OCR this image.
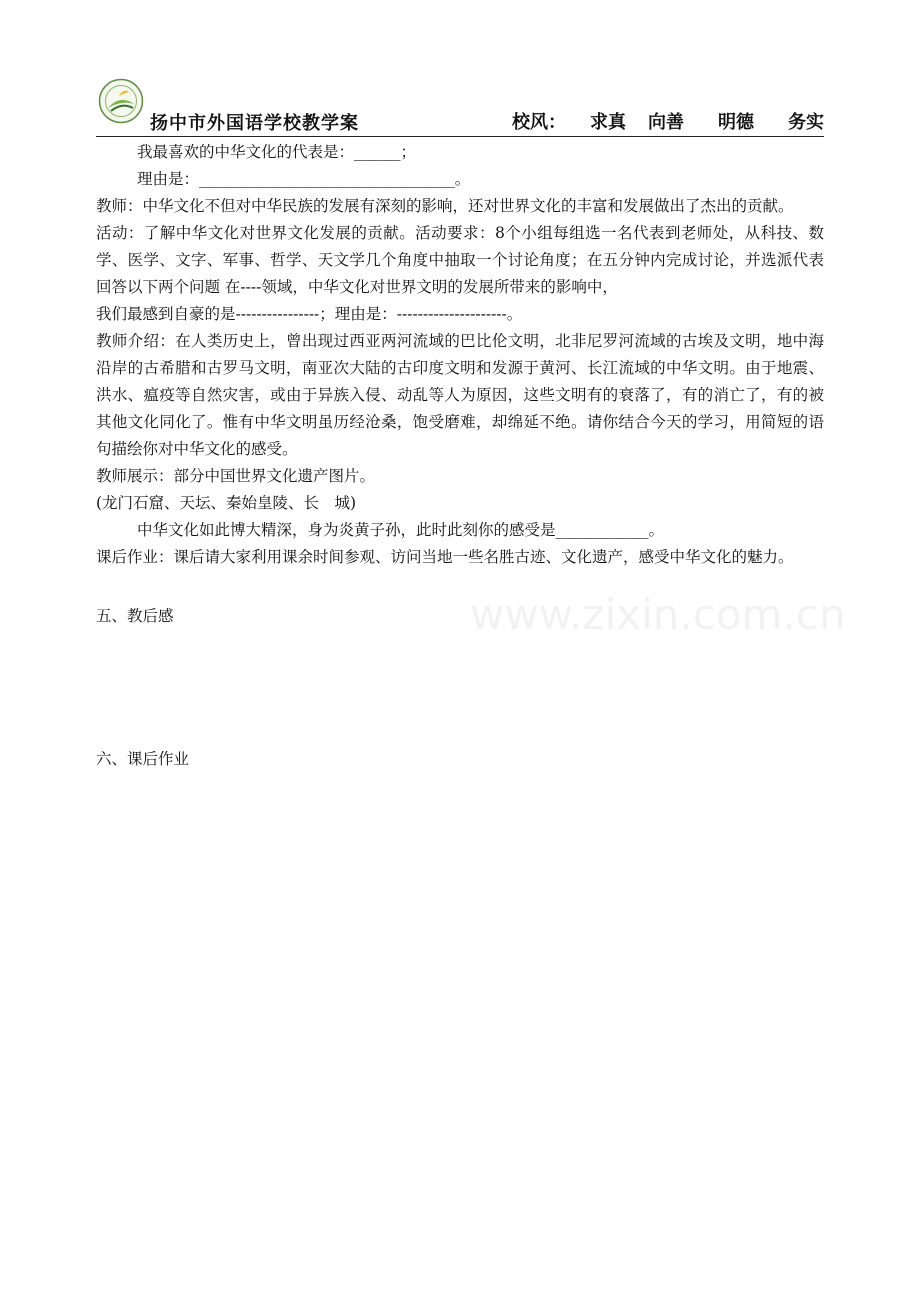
扬中市外国语学校教学案	校风： 求真 向善 明德 务实
www.zixin.com.cn

我最喜欢的中华文化的代表是：______；

理由是：_________________________________。

教师：中华文化不但对中华民族的发展有深刻的影响，还对世界文化的丰富和发展做出了杰出的贡献。

活动：了解中华文化对世界文化发展的贡献。活动要求：8个小组每组选一名代表到老师处，从科技、数学、医学、文字、军事、哲学、天文学几个角度中抽取一个讨论角度；在五分钟内完成讨论，并选派代表回答以下两个问题 在----领域，中华文化对世界文明的发展所带来的影响中，

我们最感到自豪的是----------------；理由是：---------------------。

教师介绍：在人类历史上，曾出现过西亚两河流域的巴比伦文明，北非尼罗河流域的古埃及文明，地中海沿岸的古希腊和古罗马文明，南亚次大陆的古印度文明和发源于黄河、长江流域的中华文明。由于地震、洪水、瘟疫等自然灾害，或由于异族入侵、动乱等人为原因，这些文明有的衰落了，有的消亡了，有的被其他文化同化了。惟有中华文明虽历经沧桑，饱受磨难，却绵延不绝。请你结合今天的学习，用简短的语句描绘你对中华文化的感受。

教师展示：部分中国世界文化遗产图片。

(龙门石窟、天坛、秦始皇陵、长　城)

中华文化如此博大精深，身为炎黄子孙，此时此刻你的感受是____________。

课后作业：课后请大家利用课余时间参观、访问当地一些名胜古迹、文化遗产，感受中华文化的魅力。

五、教后感

六、课后作业
